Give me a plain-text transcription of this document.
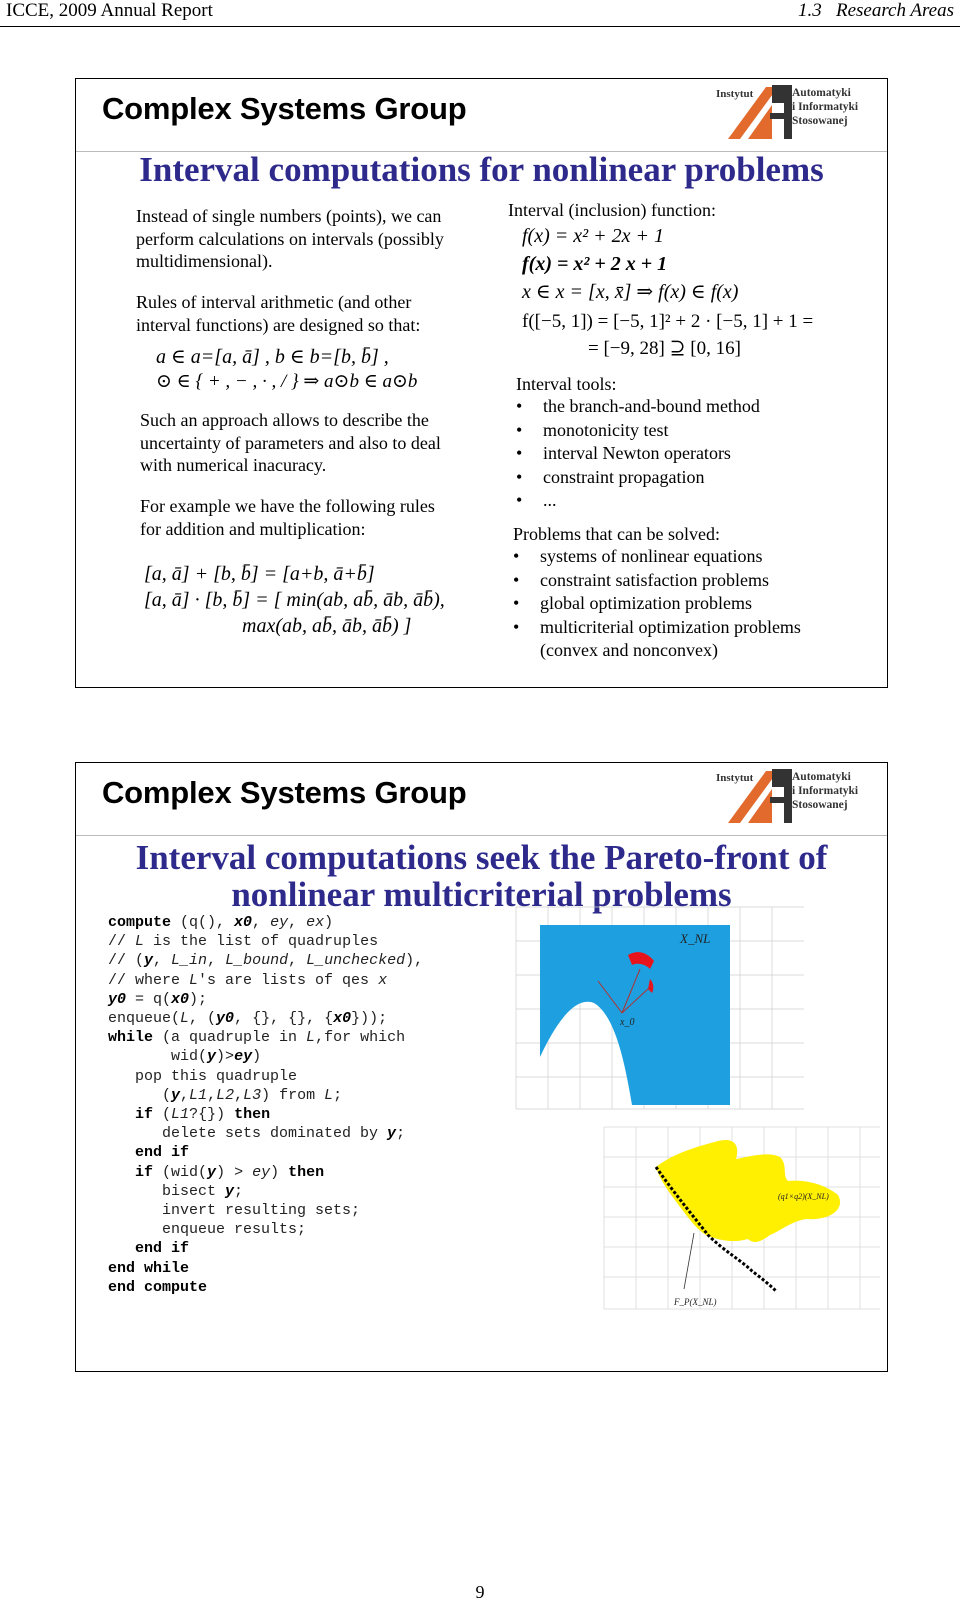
ICCE, 2009 Annual Report	1.3   Research Areas
Complex Systems Group	Instytut	Automatyki
i Informatyki
Stosowanej
Interval computations for nonlinear problems
Instead of single numbers (points), we can perform calculations on intervals (possibly multidimensional).
Rules of interval arithmetic (and other interval functions) are designed so that:
a ∈ a=[a, ā] , b ∈ b=[b, b̄] ,
⊙ ∈ { + , − , · , / } ⇒ a⊙b ∈ a⊙b
Such an approach allows to describe the uncertainty of parameters and also to deal with numerical inacuracy.
For example we have the following rules for addition and multiplication:
[a, ā] + [b, b̄] = [a+b, ā+b̄]
[a, ā] · [b, b̄] = [ min(ab, ab̄, āb, āb̄),
max(ab, ab̄, āb, āb̄) ]
Interval (inclusion) function:
f(x) = x² + 2x + 1
f(x) = x² + 2 x + 1
x ∈ x = [x, x̄] ⇒ f(x) ∈ f(x)
f([−5, 1]) = [−5, 1]² + 2 · [−5, 1] + 1 =
= [−9, 28] ⊇ [0, 16]
Interval tools:
• the branch-and-bound method
• monotonicity test
• interval Newton operators
• constraint propagation
• ...
Problems that can be solved:
• systems of nonlinear equations
• constraint satisfaction problems
• global optimization problems
• multicriterial optimization problems (convex and nonconvex)
Complex Systems Group	Instytut	Automatyki
i Informatyki
Stosowanej
Interval computations seek the Pareto-front of
nonlinear multicriterial problems
compute (q(), x0, ey, ex)
// L is the list of quadruples
// (y, L_in, L_bound, L_unchecked),
// where L's are lists of qes x
y0 = q(x0);
enqueue(L, (y0, {}, {}, {x0}));
while (a quadruple in L,for which
wid(y)>ey)
pop this quadruple
(y,L1,L2,L3) from L;
if (L1?{}) then
delete sets dominated by y;
end if
if (wid(y) > ey) then
bisect y;
invert resulting sets;
enqueue results;
end if
end while
end compute
X_NL
x_0
(q1×q2)(X_NL)
F_P(X_NL)
9
